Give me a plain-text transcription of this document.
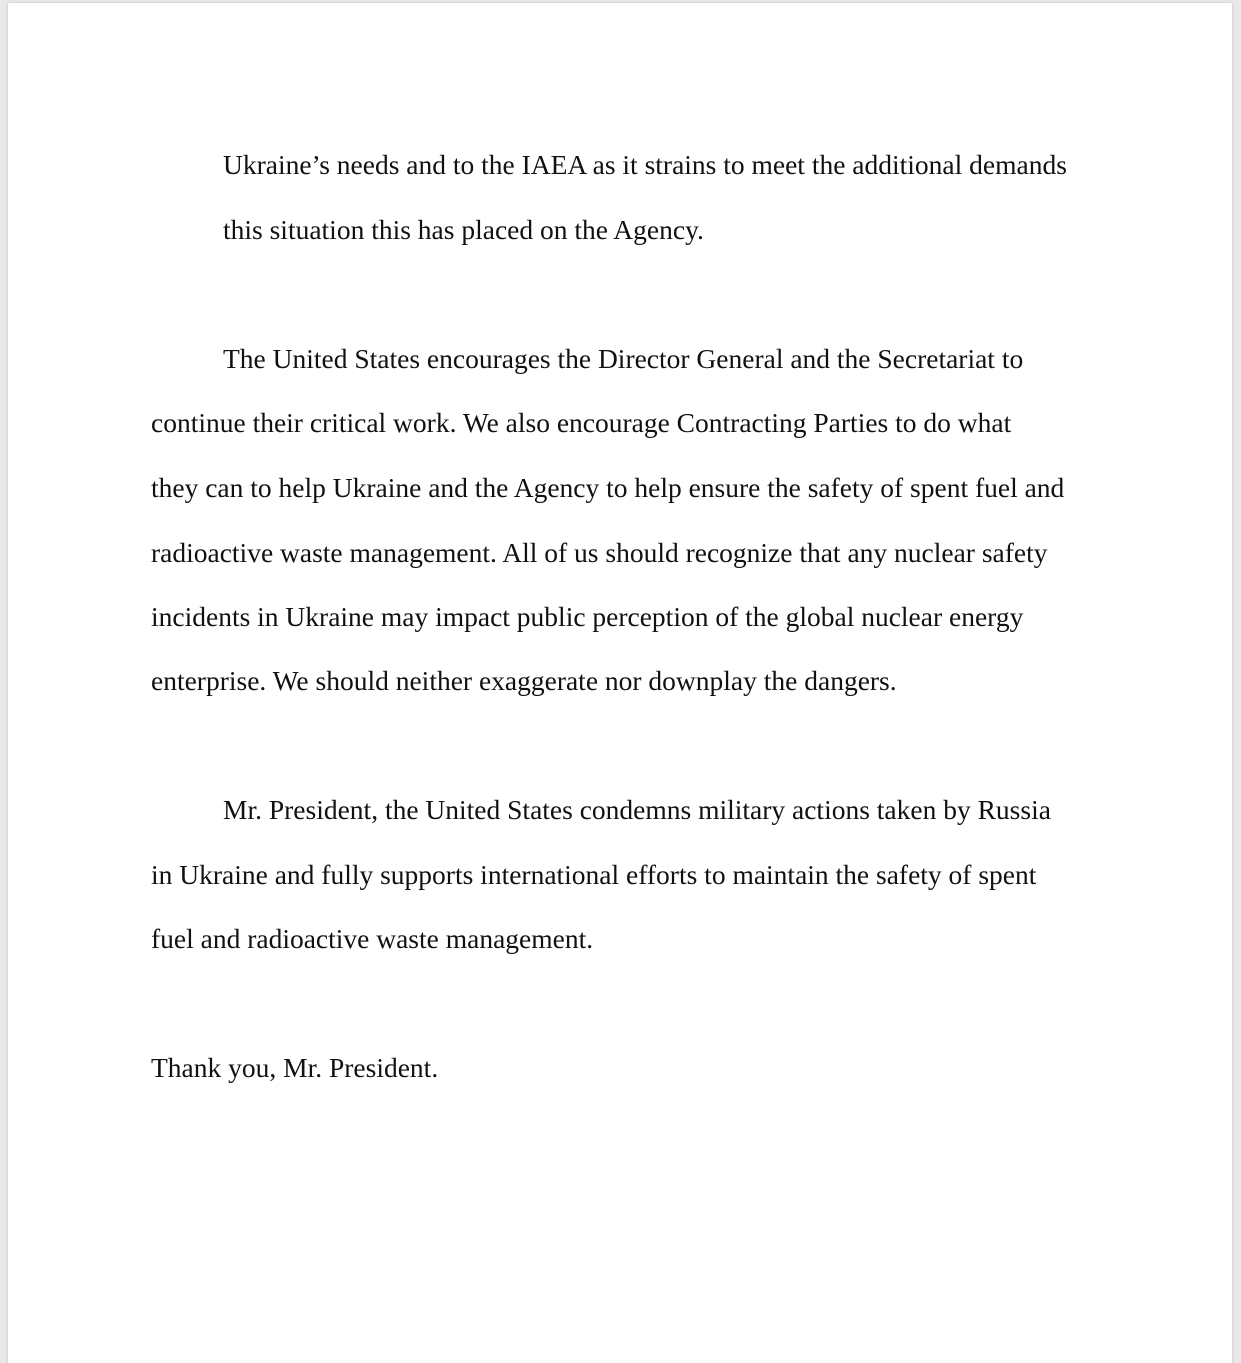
Ukraine’s needs and to the IAEA as it strains to meet the additional demands

this situation this has placed on the Agency.

The United States encourages the Director General and the Secretariat to

continue their critical work. We also encourage Contracting Parties to do what

they can to help Ukraine and the Agency to help ensure the safety of spent fuel and

radioactive waste management. All of us should recognize that any nuclear safety

incidents in Ukraine may impact public perception of the global nuclear energy

enterprise. We should neither exaggerate nor downplay the dangers.

Mr. President, the United States condemns military actions taken by Russia

in Ukraine and fully supports international efforts to maintain the safety of spent

fuel and radioactive waste management.

Thank you, Mr. President.
